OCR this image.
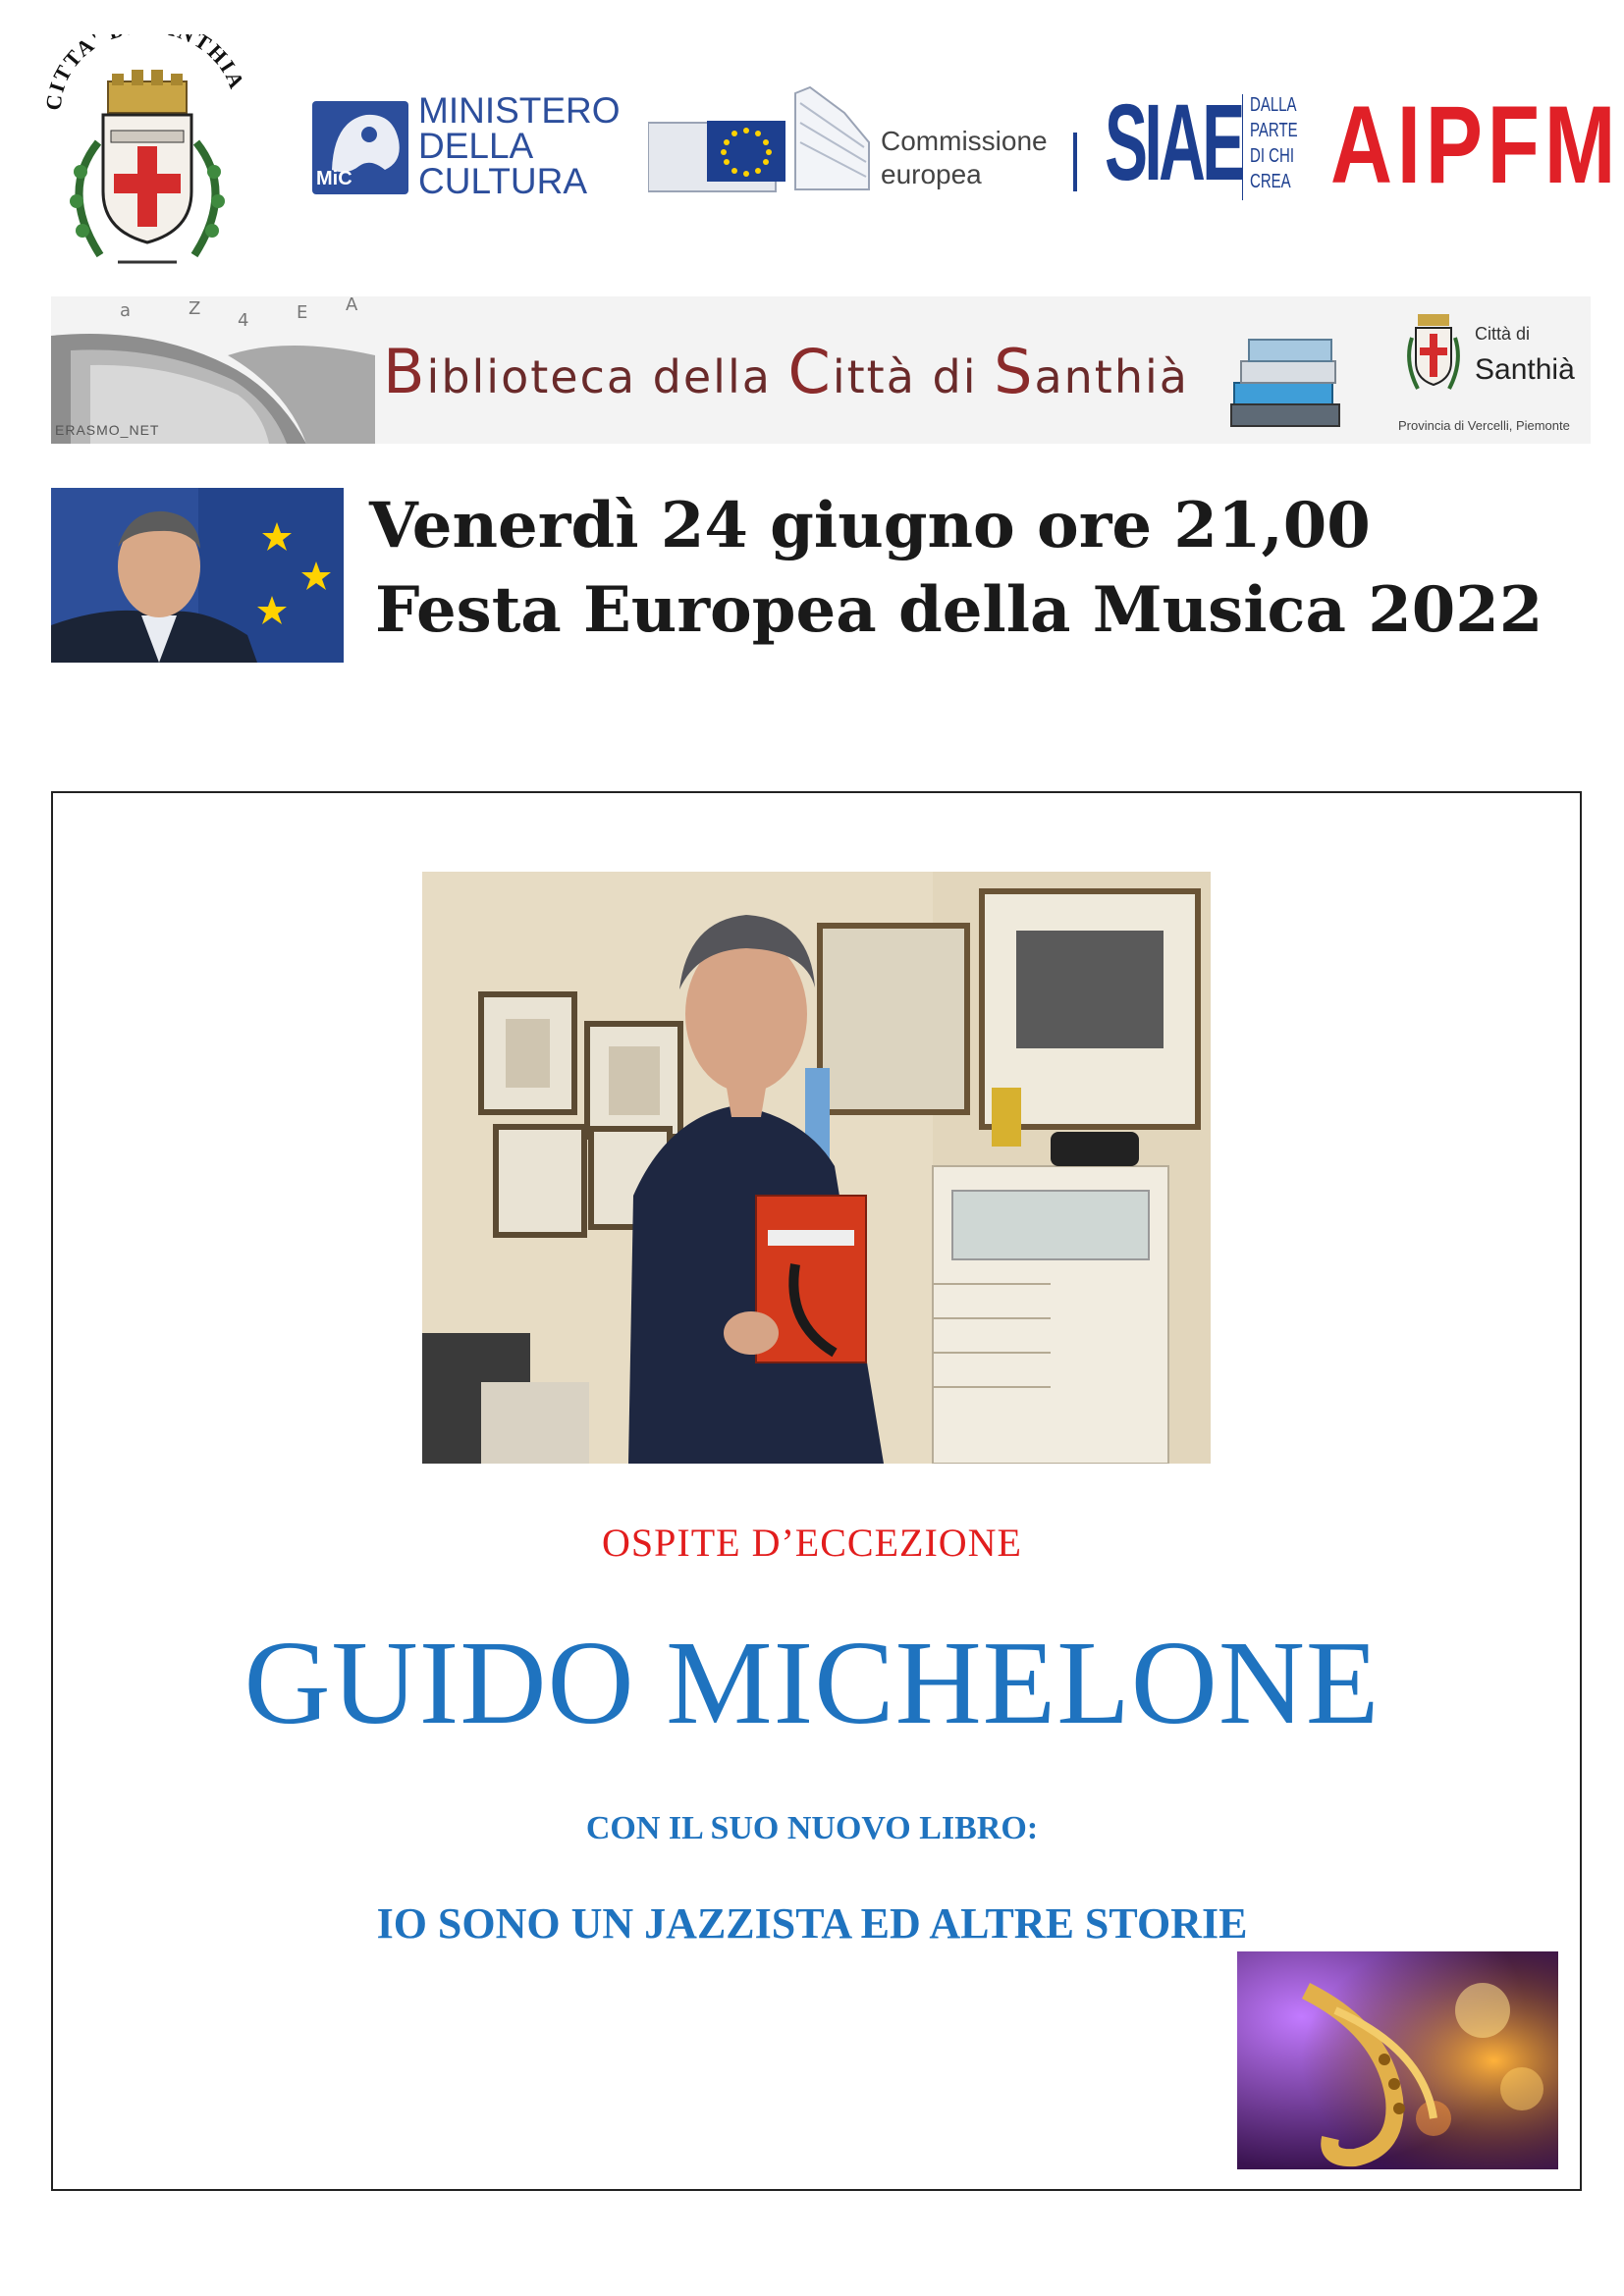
CITTA' THIA
MiC
MINISTERO
DELLA
CULTURA
Commissione
europea	SIAE DALLA
PARTE
DI CHI
CREA AIPFM
a	Z
4	E A
Biblioteca della Città di Santhià
Città di
Santhià
Provincia di Vercelli, Piemonte
ERASMO_NET
Venerdì 24 giugno ore 21,00
Festa Europea della Musica 2022
OSPITE D’ECCEZIONE
GUIDO MICHELONE
CON IL SUO NUOVO LIBRO:
IO SONO UN JAZZISTA ED ALTRE STORIE
